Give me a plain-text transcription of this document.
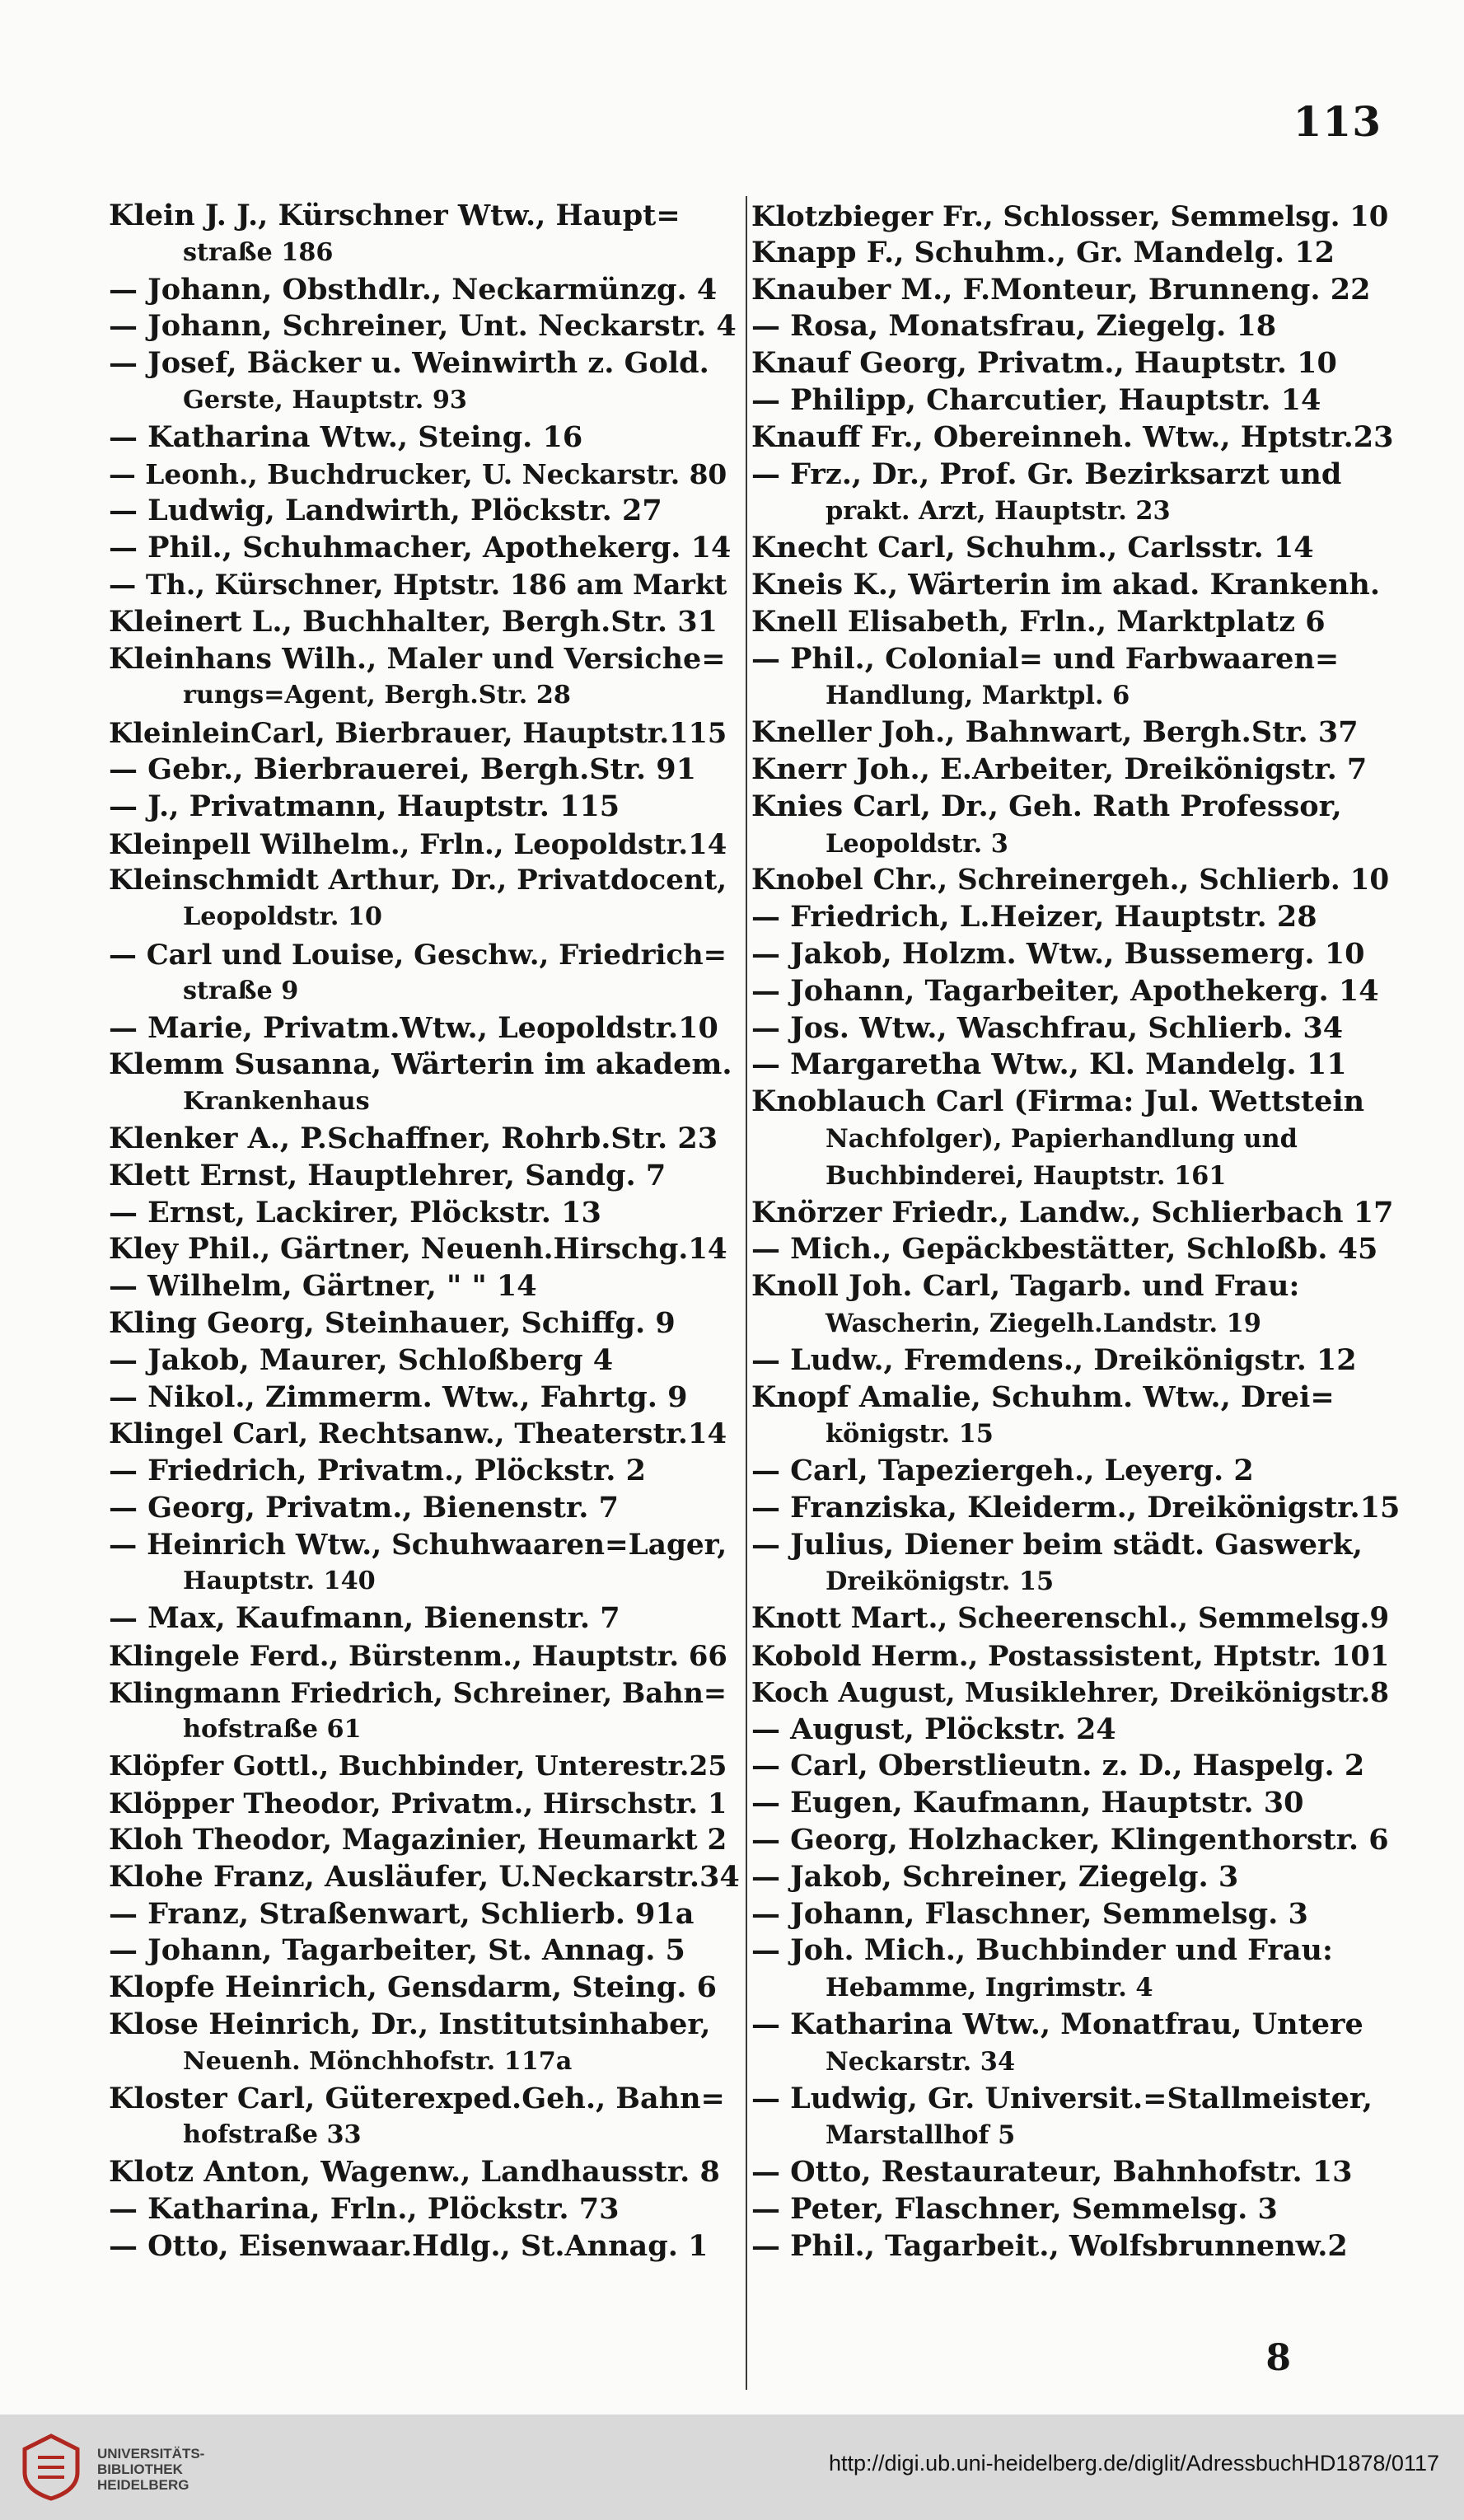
113
Klein J. J., Kürschner Wtw., Haupt=
straße 186
— Johann, Obsthdlr., Neckarmünzg. 4
— Johann, Schreiner, Unt. Neckarstr. 4
— Josef, Bäcker u. Weinwirth z. Gold.
Gerste, Hauptstr. 93
— Katharina Wtw., Steing. 16
— Leonh., Buchdrucker, U. Neckarstr. 80
— Ludwig, Landwirth, Plöckstr. 27
— Phil., Schuhmacher, Apothekerg. 14
— Th., Kürschner, Hptstr. 186 am Markt
Kleinert L., Buchhalter, Bergh.Str. 31
Kleinhans Wilh., Maler und Versiche=
rungs=Agent, Bergh.Str. 28
KleinleinCarl, Bierbrauer, Hauptstr.115
— Gebr., Bierbrauerei, Bergh.Str. 91
— J., Privatmann, Hauptstr. 115
Kleinpell Wilhelm., Frln., Leopoldstr.14
Kleinschmidt Arthur, Dr., Privatdocent,
Leopoldstr. 10
— Carl und Louise, Geschw., Friedrich=
straße 9
— Marie, Privatm.Wtw., Leopoldstr.10
Klemm Susanna, Wärterin im akadem.
Krankenhaus
Klenker A., P.Schaffner, Rohrb.Str. 23
Klett Ernst, Hauptlehrer, Sandg. 7
— Ernst, Lackirer, Plöckstr. 13
Kley Phil., Gärtner, Neuenh.Hirschg.14
— Wilhelm, Gärtner, " " 14
Kling Georg, Steinhauer, Schiffg. 9
— Jakob, Maurer, Schloßberg 4
— Nikol., Zimmerm. Wtw., Fahrtg. 9
Klingel Carl, Rechtsanw., Theaterstr.14
— Friedrich, Privatm., Plöckstr. 2
— Georg, Privatm., Bienenstr. 7
— Heinrich Wtw., Schuhwaaren=Lager,
Hauptstr. 140
— Max, Kaufmann, Bienenstr. 7
Klingele Ferd., Bürstenm., Hauptstr. 66
Klingmann Friedrich, Schreiner, Bahn=
hofstraße 61
Klöpfer Gottl., Buchbinder, Unterestr.25
Klöpper Theodor, Privatm., Hirschstr. 1
Kloh Theodor, Magazinier, Heumarkt 2
Klohe Franz, Ausläufer, U.Neckarstr.34
— Franz, Straßenwart, Schlierb. 91a
— Johann, Tagarbeiter, St. Annag. 5
Klopfe Heinrich, Gensdarm, Steing. 6
Klose Heinrich, Dr., Institutsinhaber,
Neuenh. Mönchhofstr. 117a
Kloster Carl, Güterexped.Geh., Bahn=
hofstraße 33
Klotz Anton, Wagenw., Landhausstr. 8
— Katharina, Frln., Plöckstr. 73
— Otto, Eisenwaar.Hdlg., St.Annag. 1
Klotzbieger Fr., Schlosser, Semmelsg. 10
Knapp F., Schuhm., Gr. Mandelg. 12
Knauber M., F.Monteur, Brunneng. 22
— Rosa, Monatsfrau, Ziegelg. 18
Knauf Georg, Privatm., Hauptstr. 10
— Philipp, Charcutier, Hauptstr. 14
Knauff Fr., Obereinneh. Wtw., Hptstr.23
— Frz., Dr., Prof. Gr. Bezirksarzt und
prakt. Arzt, Hauptstr. 23
Knecht Carl, Schuhm., Carlsstr. 14
Kneis K., Wärterin im akad. Krankenh.
Knell Elisabeth, Frln., Marktplatz 6
— Phil., Colonial= und Farbwaaren=
Handlung, Marktpl. 6
Kneller Joh., Bahnwart, Bergh.Str. 37
Knerr Joh., E.Arbeiter, Dreikönigstr. 7
Knies Carl, Dr., Geh. Rath Professor,
Leopoldstr. 3
Knobel Chr., Schreinergeh., Schlierb. 10
— Friedrich, L.Heizer, Hauptstr. 28
— Jakob, Holzm. Wtw., Bussemerg. 10
— Johann, Tagarbeiter, Apothekerg. 14
— Jos. Wtw., Waschfrau, Schlierb. 34
— Margaretha Wtw., Kl. Mandelg. 11
Knoblauch Carl (Firma: Jul. Wettstein
Nachfolger), Papierhandlung und
Buchbinderei, Hauptstr. 161
Knörzer Friedr., Landw., Schlierbach 17
— Mich., Gepäckbestätter, Schloßb. 45
Knoll Joh. Carl, Tagarb. und Frau:
Wascherin, Ziegelh.Landstr. 19
— Ludw., Fremdens., Dreikönigstr. 12
Knopf Amalie, Schuhm. Wtw., Drei=
königstr. 15
— Carl, Tapeziergeh., Leyerg. 2
— Franziska, Kleiderm., Dreikönigstr.15
— Julius, Diener beim städt. Gaswerk,
Dreikönigstr. 15
Knott Mart., Scheerenschl., Semmelsg.9
Kobold Herm., Postassistent, Hptstr. 101
Koch August, Musiklehrer, Dreikönigstr.8
— August, Plöckstr. 24
— Carl, Oberstlieutn. z. D., Haspelg. 2
— Eugen, Kaufmann, Hauptstr. 30
— Georg, Holzhacker, Klingenthorstr. 6
— Jakob, Schreiner, Ziegelg. 3
— Johann, Flaschner, Semmelsg. 3
— Joh. Mich., Buchbinder und Frau:
Hebamme, Ingrimstr. 4
— Katharina Wtw., Monatfrau, Untere
Neckarstr. 34
— Ludwig, Gr. Universit.=Stallmeister,
Marstallhof 5
— Otto, Restaurateur, Bahnhofstr. 13
— Peter, Flaschner, Semmelsg. 3
— Phil., Tagarbeit., Wolfsbrunnenw.2
8
UNIVERSITÄTS-
BIBLIOTHEK
HEIDELBERG
http://digi.ub.uni-heidelberg.de/diglit/AdressbuchHD1878/0117
